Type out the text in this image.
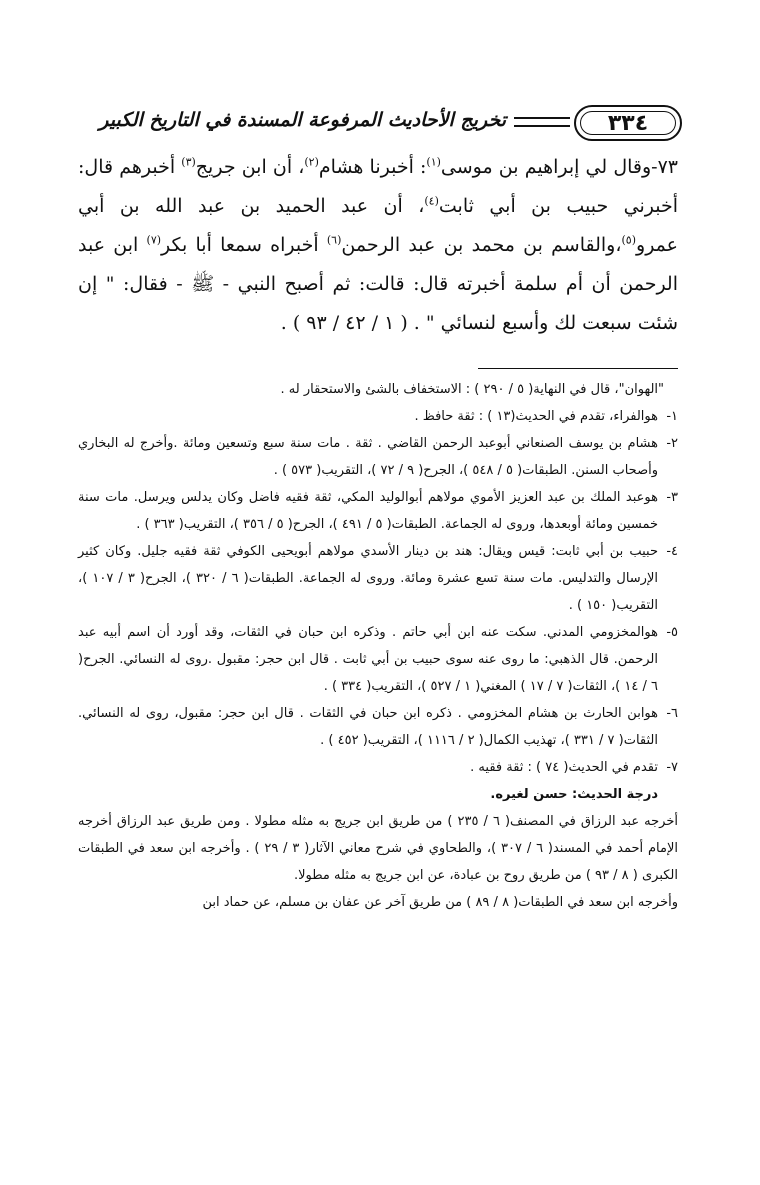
٣٣٤
تخريج الأحاديث المرفوعة المسندة في التاريخ الكبير

٧٣-وقال لي إبراهيم بن موسى$^{(١)}$: أخبرنا هشام$^{(٢)}$، أن ابن جريج$^{(٣)}$ أخبرهم قال: أخبرني حبيب بن أبي ثابت$^{(٤)}$، أن عبد الحميد بن عبد الله بن أبي عمرو$^{(٥)}$،والقاسم بن محمد بن عبد الرحمن$^{(٦)}$ أخبراه سمعا أبا بكر$^{(٧)}$ ابن عبد الرحمن أن أم سلمة أخبرته قال: قالت: ثم أصبح النبي - ﷺ - فقال: " إن شئت سبعت لك وأسبع لنسائي " . ( ١ / ٤٢ / ٩٣ ) .

"الهوان"، قال في النهاية( ٥ / ٢٩٠ ) : الاستخفاف بالشئ والاستحقار له .

١-
هوالفراء، تقدم في الحديث(١٣ ) : ثقة حافظ .

٢-
هشام بن يوسف الصنعاني أبوعبد الرحمن القاضي . ثقة . مات سنة سبع وتسعين ومائة .وأخرج له البخاري وأصحاب السنن. الطبقات( ٥ / ٥٤٨ )، الجرح( ٩ / ٧٢ )، التقريب( ٥٧٣ ) .

٣-
هوعبد الملك بن عبد العزيز الأموي مولاهم أبوالوليد المكي، ثقة فقيه فاضل وكان يدلس ويرسل. مات سنة خمسين ومائة أوبعدها، وروى له الجماعة. الطبقات( ٥ / ٤٩١ )، الجرح( ٥ / ٣٥٦ )، التقريب( ٣٦٣ ) .

٤-
حبيب بن أبي ثابت: قيس ويقال: هند بن دينار الأسدي مولاهم أبويحيى الكوفي ثقة فقيه جليل. وكان كثير الإرسال والتدليس. مات سنة تسع عشرة ومائة. وروى له الجماعة. الطبقات( ٦ / ٣٢٠ )، الجرح( ٣ / ١٠٧ )، التقريب( ١٥٠ ) .

٥-
هوالمخزومي المدني. سكت عنه ابن أبي حاتم . وذكره ابن حبان في الثقات، وقد أورد أن اسم أبيه عبد الرحمن. قال الذهبي: ما روى عنه سوى حبيب بن أبي ثابت . قال ابن حجر: مقبول .روى له النسائي. الجرح( ٦ / ١٤ )، الثقات( ٧ / ١٧ ) المغني( ١ / ٥٢٧ )، التقريب( ٣٣٤ ) .

٦-
هوابن الحارث بن هشام المخزومي . ذكره ابن حبان في الثقات . قال ابن حجر: مقبول، روى له النسائي. الثقات( ٧ / ٣٣١ )، تهذيب الكمال( ٢ / ١١١٦ )، التقريب( ٤٥٢ ) .

٧-
تقدم في الحديث( ٧٤ ) : ثقة فقيه .

درجة الحديث: حسن لغيره.

أخرجه عبد الرزاق في المصنف( ٦ / ٢٣٥ ) من طريق ابن جريج به مثله مطولا . ومن طريق عبد الرزاق أخرجه الإمام أحمد في المسند( ٦ / ٣٠٧ )، والطحاوي في شرح معاني الآثار( ٣ / ٢٩ ) . وأخرجه ابن سعد في الطبقات الكبرى ( ٨ / ٩٣ ) من طريق روح بن عبادة، عن ابن جريج به مثله مطولا.

وأخرجه ابن سعد في الطبقات( ٨ / ٨٩ ) من طريق آخر عن عفان بن مسلم، عن حماد ابن
